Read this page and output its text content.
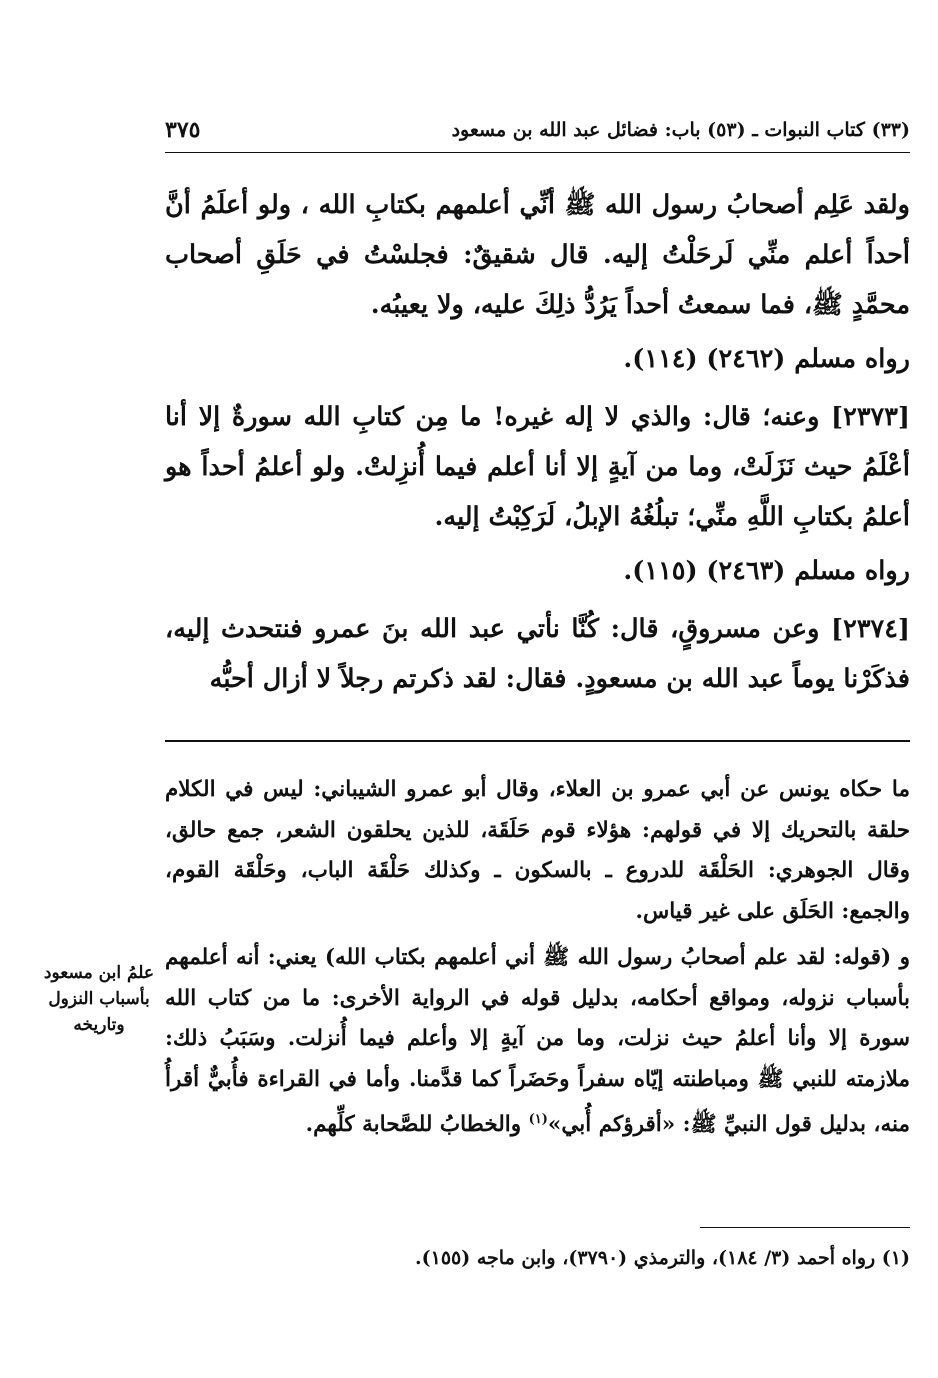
(٣٣) كتاب النبوات ـ (٥٣) باب: فضائل عبد الله بن مسعود
٣٧٥

ولقد عَلِم أصحابُ رسول الله ﷺ أنِّي أعلمهم بكتابِ الله ، ولو أعلَمُ أنَّ أحداً أعلم منِّي لَرحَلْتُ إليه. قال شقيقٌ: فجلسْتُ في حَلَقِ أصحاب محمَّدٍ ﷺ، فما سمعتُ أحداً يَرُدُّ ذلِكَ عليه، ولا يعيبُه.

رواه مسلم (٢٤٦٢) (١١٤).

[٢٣٧٣] وعنه؛ قال: والذي لا إله غيره! ما مِن كتابِ الله سورةٌ إلا أنا أعْلَمُ حيث نَزَلَتْ، وما من آيةٍ إلا أنا أعلم فيما أُنزِلتْ. ولو أعلمُ أحداً هو أعلمُ بكتابِ اللَّهِ منِّي؛ تبلُغُهُ الإبلُ، لَرَكِبْتُ إليه.

رواه مسلم (٢٤٦٣) (١١٥).

[٢٣٧٤] وعن مسروقٍ، قال: كُنَّا نأتي عبد الله بنَ عمرو فنتحدث إليه، فذكَرْنا يوماً عبد الله بن مسعودٍ. فقال: لقد ذكرتم رجلاً لا أزال أحبُّه

ما حكاه يونس عن أبي عمرو بن العلاء، وقال أبو عمرو الشيباني: ليس في الكلام حلقة بالتحريك إلا في قولهم: هؤلاء قوم حَلَقَة، للذين يحلقون الشعر، جمع حالق، وقال الجوهري: الحَلْقَة للدروع ـ بالسكون ـ وكذلك حَلْقَة الباب، وحَلْقَة القوم، والجمع: الحَلَق على غير قياس.

و (قوله: لقد علم أصحابُ رسول الله ﷺ أني أعلمهم بكتاب الله) يعني: أنه أعلمهم بأسباب نزوله، ومواقع أحكامه، بدليل قوله في الرواية الأخرى: ما من كتاب الله سورة إلا وأنا أعلمُ حيث نزلت، وما من آيةٍ إلا وأعلم فيما أُنزلت. وسَبَبُ ذلك: ملازمته للنبي ﷺ ومباطنته إيّاه سفراً وحَضَراً كما قدَّمنا. وأما في القراءة فأُبيٌّ أقرأُ منه، بدليل قول النبيِّ ﷺ: «أقرؤكم أُبي»$^{(١)}$ والخطابُ للصَّحابة كلِّهم.

علمُ ابن مسعود بأسباب النزول وتاريخه
(١) رواه أحمد (٣/ ١٨٤)، والترمذي (٣٧٩٠)، وابن ماجه (١٥٥).
